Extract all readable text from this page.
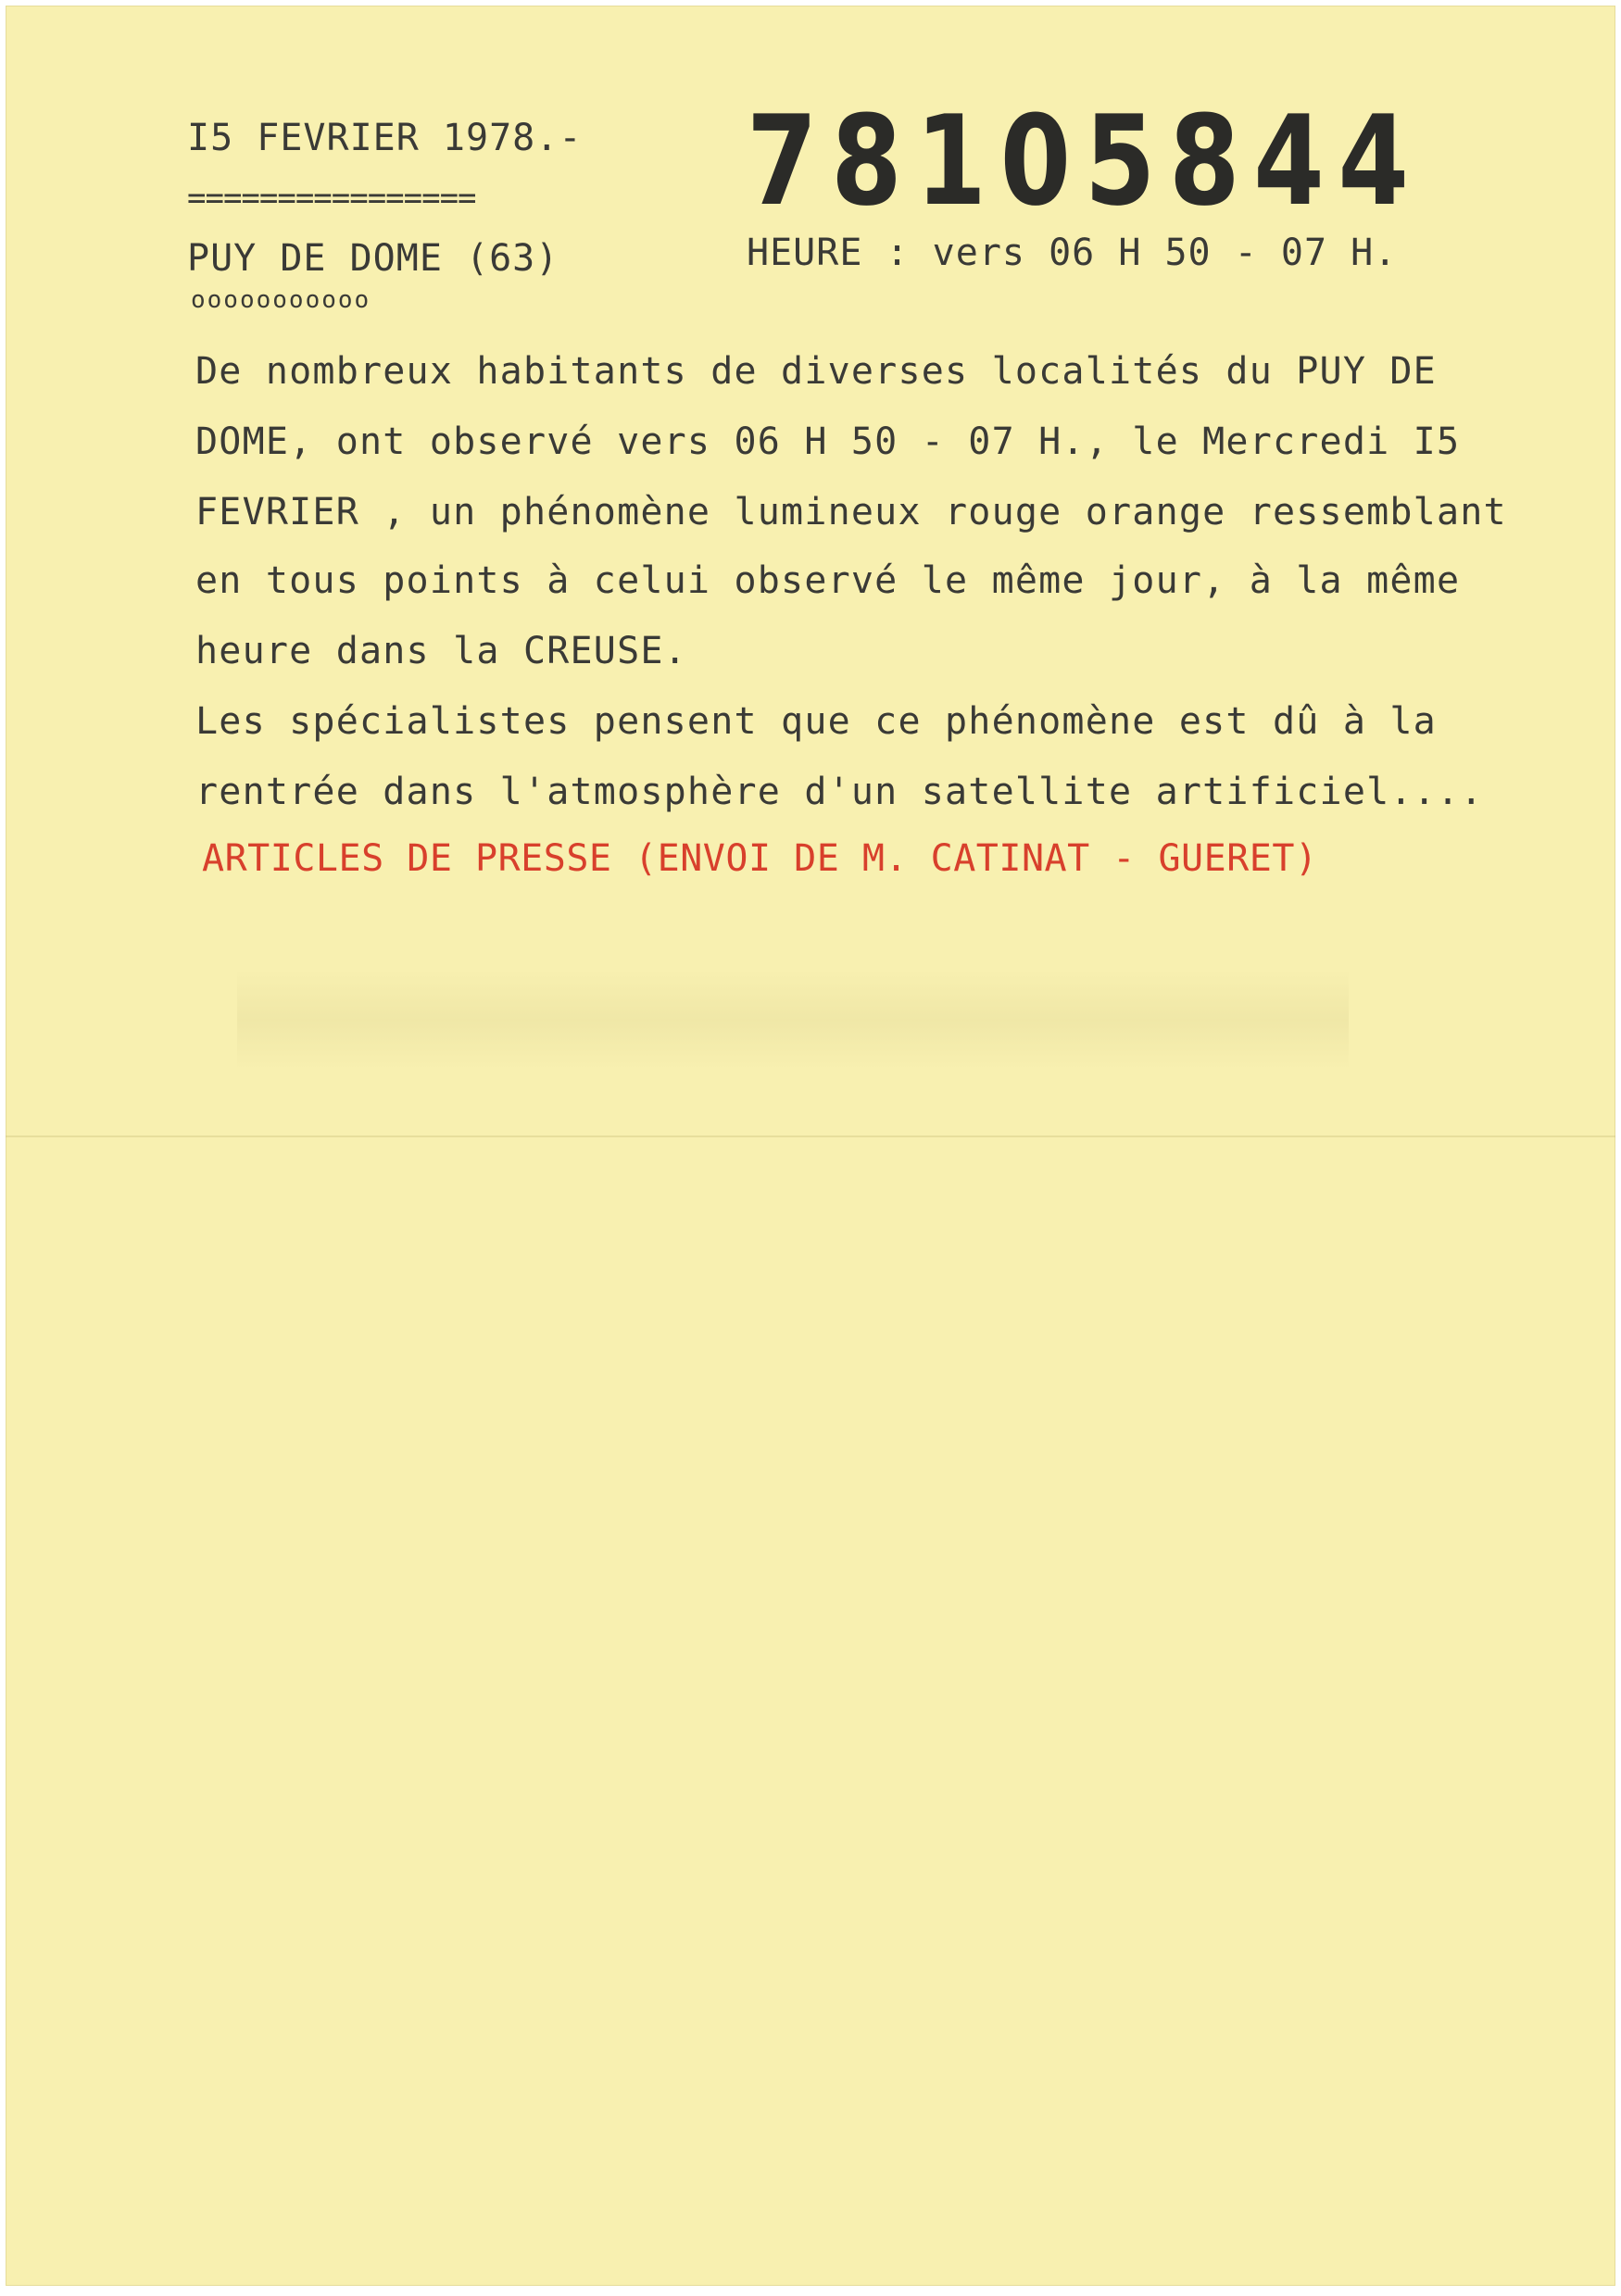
I5 FEVRIER 1978.-
================
PUY DE DOME (63)
ooooooooooo
78105844
HEURE : vers 06 H 50 - 07 H.
De nombreux habitants de diverses localités du PUY DE
DOME, ont observé vers 06 H 50 - 07 H., le Mercredi I5
FEVRIER , un phénomène lumineux rouge orange ressemblant
en tous points à celui observé le même jour, à la même
heure dans la CREUSE.
Les spécialistes pensent que ce phénomène est dû à la
rentrée dans l'atmosphère d'un satellite artificiel....
ARTICLES DE PRESSE (ENVOI DE M. CATINAT - GUERET)
